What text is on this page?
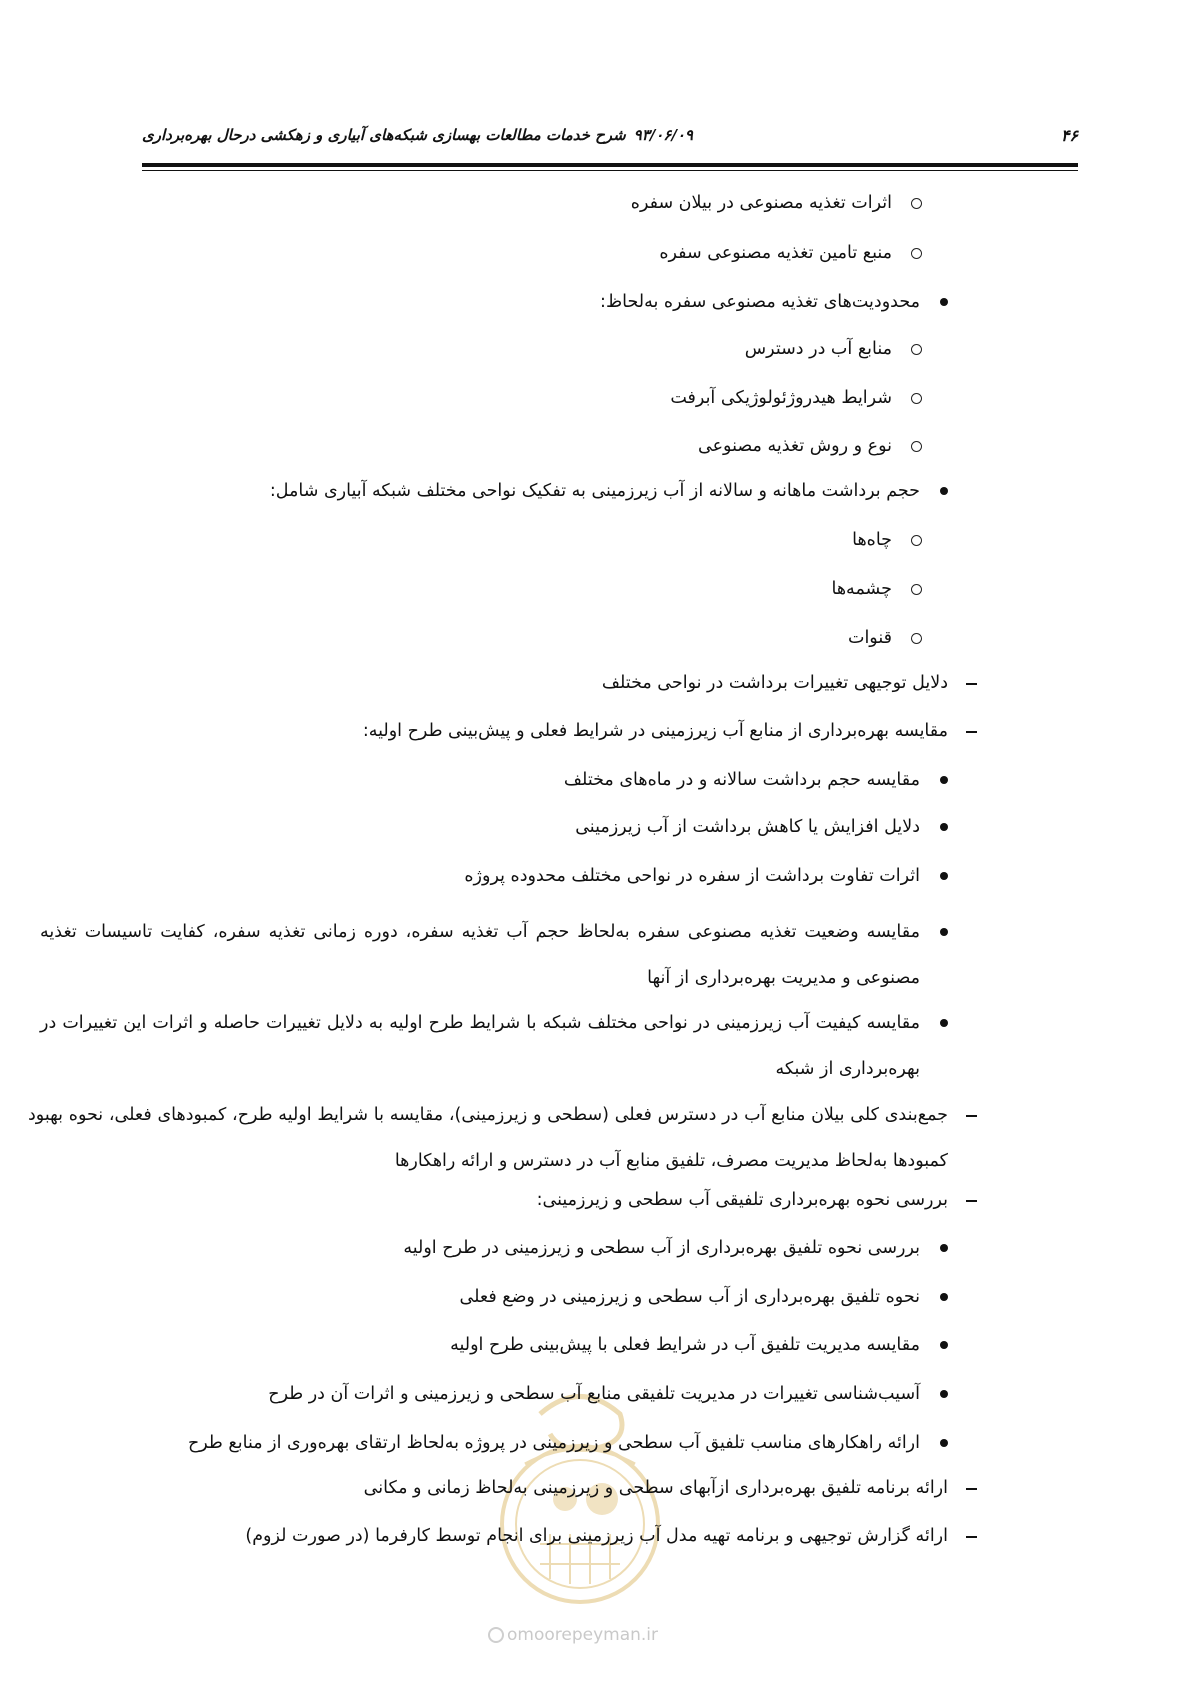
۴۶
۹۳/۰۶/۰۹شرح خدمات مطالعات بهسازی شبکه‌های آبیاری و زهکشی درحال بهره‌برداری
omoorepeyman.ir
اثرات تغذیه مصنوعی در بیلان سفره
منبع تامین تغذیه مصنوعی سفره
محدودیت‌های تغذیه مصنوعی سفره به‌لحاظ:
منابع آب در دسترس
شرایط هیدروژئولوژیکی آبرفت
نوع و روش تغذیه مصنوعی
حجم برداشت ماهانه و سالانه از آب زیرزمینی به تفکیک نواحی مختلف شبکه آبیاری شامل:
چاه‌ها
چشمه‌ها
قنوات
دلایل توجیهی تغییرات برداشت در نواحی مختلف
مقایسه بهره‌برداری از منابع آب زیرزمینی در شرایط فعلی و پیش‌بینی طرح اولیه:
مقایسه حجم برداشت سالانه و در ماه‌های مختلف
دلایل افزایش یا کاهش برداشت از آب زیرزمینی
اثرات تفاوت برداشت از سفره در نواحی مختلف محدوده پروژه
مقایسه وضعیت تغذیه مصنوعی سفره به‌لحاظ حجم آب تغذیه سفره، دوره زمانی تغذیه سفره، کفایت تاسیسات تغذیه مصنوعی و مدیریت بهره‌برداری از آنها
مقایسه کیفیت آب زیرزمینی در نواحی مختلف شبکه با شرایط طرح اولیه به دلایل تغییرات حاصله و اثرات این تغییرات در بهره‌برداری از شبکه
جمع‌بندی کلی بیلان منابع آب در دسترس فعلی (سطحی و زیرزمینی)، مقایسه با شرایط اولیه طرح، کمبودهای فعلی، نحوه بهبود کمبودها به‌لحاظ مدیریت مصرف، تلفیق منابع آب در دسترس و ارائه راهکارها
بررسی نحوه بهره‌برداری تلفیقی آب سطحی و زیرزمینی:
بررسی نحوه تلفیق بهره‌برداری از آب سطحی و زیرزمینی در طرح اولیه
نحوه تلفیق بهره‌برداری از آب سطحی و زیرزمینی در وضع فعلی
مقایسه مدیریت تلفیق آب در شرایط فعلی با پیش‌بینی طرح اولیه
آسیب‌شناسی تغییرات در مدیریت تلفیقی منابع آب سطحی و زیرزمینی و اثرات آن در طرح
ارائه راهکارهای مناسب تلفیق آب سطحی و زیرزمینی در پروژه به‌لحاظ ارتقای بهره‌وری از منابع طرح
ارائه برنامه تلفیق بهره‌برداری ازآبهای سطحی و زیرزمینی به‌لحاظ زمانی و مکانی
ارائه گزارش توجیهی و برنامه تهیه مدل آب زیرزمینی برای انجام توسط کارفرما (در صورت لزوم)
